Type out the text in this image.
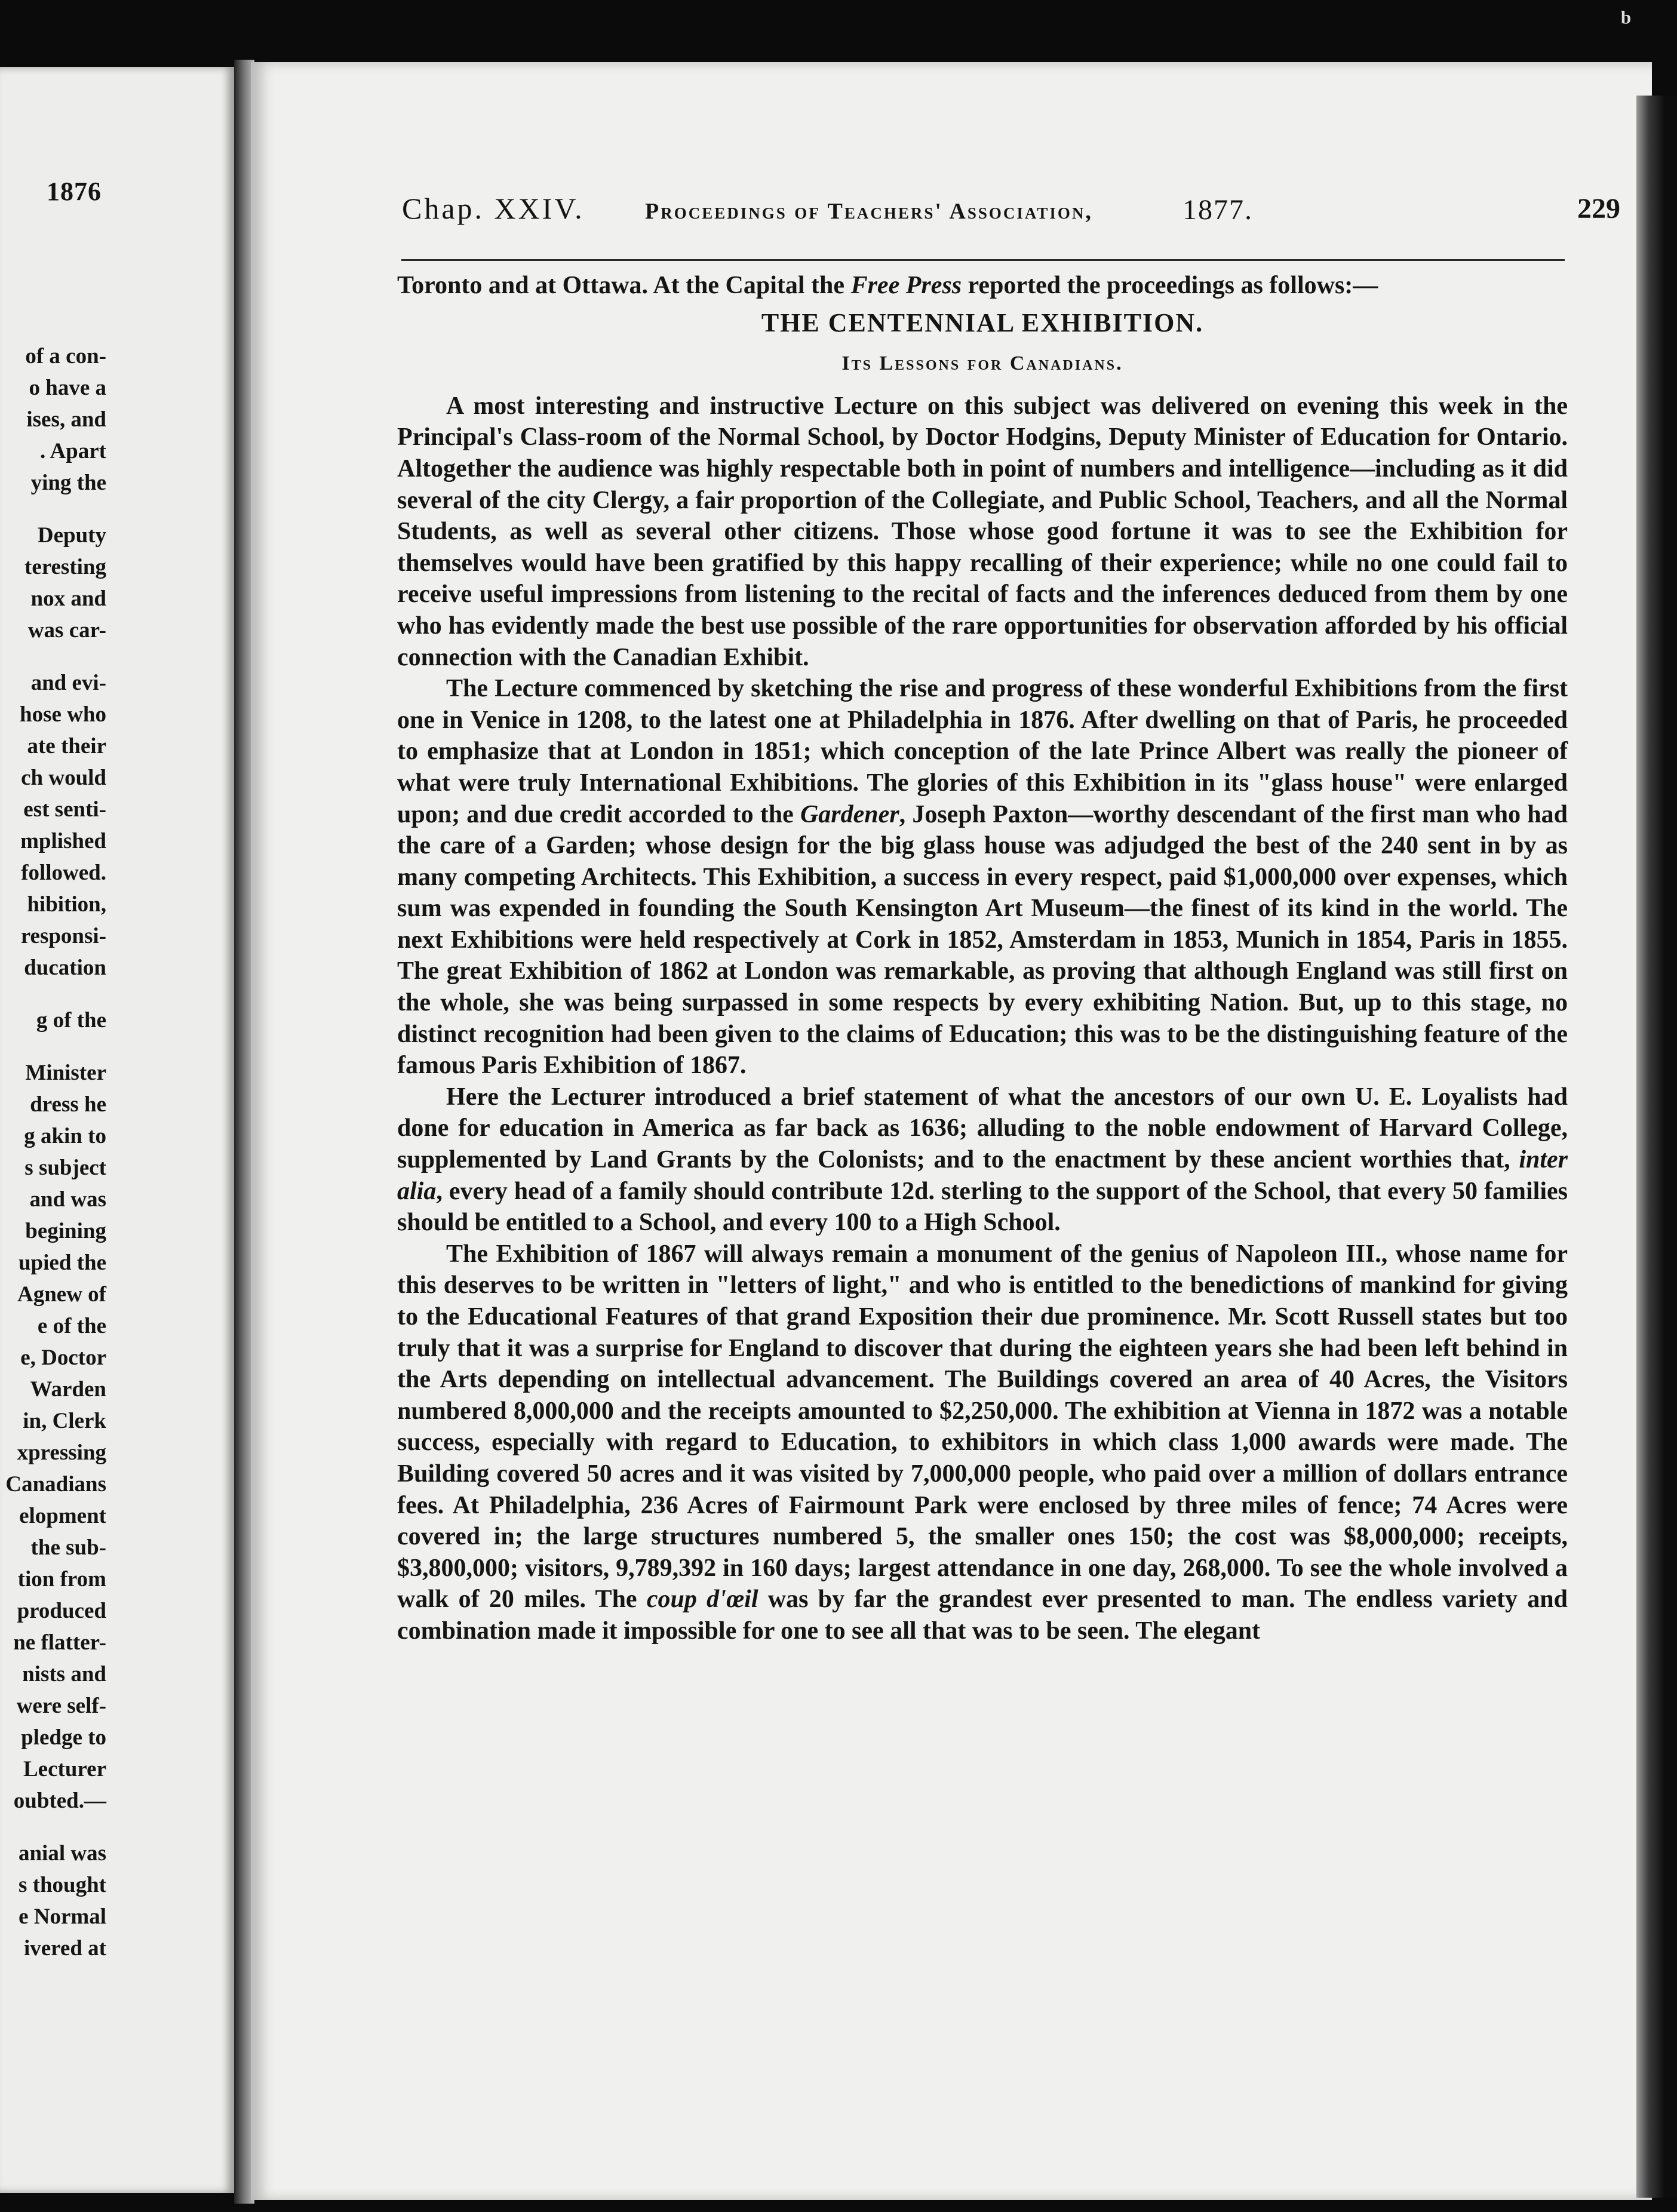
1876
of a con-
o have a
ises, and
. Apart
ying the
Deputy
teresting
nox and
was car-
and evi-
hose who
ate their
ch would
est senti-
mplished
followed.
hibition,
responsi-
ducation
g of the
Minister
dress he
g akin to
s subject
and was
begining
upied the
Agnew of
e of the
e, Doctor
Warden
in, Clerk
xpressing
Canadians
elopment
the sub-
tion from
produced
ne flatter-
nists and
were self-
pledge to
Lecturer
oubted.—
anial was
s thought
e Normal
ivered at
Chap. XXIV.	Proceedings of Teachers' Association,	1877.	229

Toronto and at Ottawa. At the Capital the Free Press reported the proceedings as follows:—

THE CENTENNIAL EXHIBITION.

Its Lessons for Canadians.

A most interesting and instructive Lecture on this subject was delivered on evening this week in the Principal's Class-room of the Normal School, by Doctor Hodgins, Deputy Minister of Education for Ontario. Altogether the audience was highly respectable both in point of numbers and intelligence—including as it did several of the city Clergy, a fair proportion of the Collegiate, and Public School, Teachers, and all the Normal Students, as well as several other citizens. Those whose good fortune it was to see the Exhibition for themselves would have been gratified by this happy recalling of their experience; while no one could fail to receive useful impressions from listening to the recital of facts and the inferences deduced from them by one who has evidently made the best use possible of the rare opportunities for observation afforded by his official connection with the Canadian Exhibit.

The Lecture commenced by sketching the rise and progress of these wonderful Exhibitions from the first one in Venice in 1208, to the latest one at Philadelphia in 1876. After dwelling on that of Paris, he proceeded to emphasize that at London in 1851; which conception of the late Prince Albert was really the pioneer of what were truly International Exhibitions. The glories of this Exhibition in its "glass house" were enlarged upon; and due credit accorded to the Gardener, Joseph Paxton—worthy descendant of the first man who had the care of a Garden; whose design for the big glass house was adjudged the best of the 240 sent in by as many competing Architects. This Exhibition, a success in every respect, paid $1,000,000 over expenses, which sum was expended in founding the South Kensington Art Museum—the finest of its kind in the world. The next Exhibitions were held respectively at Cork in 1852, Amsterdam in 1853, Munich in 1854, Paris in 1855. The great Exhibition of 1862 at London was remarkable, as proving that although England was still first on the whole, she was being surpassed in some respects by every exhibiting Nation. But, up to this stage, no distinct recognition had been given to the claims of Education; this was to be the distinguishing feature of the famous Paris Exhibition of 1867.

Here the Lecturer introduced a brief statement of what the ancestors of our own U. E. Loyalists had done for education in America as far back as 1636; alluding to the noble endowment of Harvard College, supplemented by Land Grants by the Colonists; and to the enactment by these ancient worthies that, inter alia, every head of a family should contribute 12d. sterling to the support of the School, that every 50 families should be entitled to a School, and every 100 to a High School.

The Exhibition of 1867 will always remain a monument of the genius of Napoleon III., whose name for this deserves to be written in "letters of light," and who is entitled to the benedictions of mankind for giving to the Educational Features of that grand Exposition their due prominence. Mr. Scott Russell states but too truly that it was a surprise for England to discover that during the eighteen years she had been left behind in the Arts depending on intellectual advancement. The Buildings covered an area of 40 Acres, the Visitors numbered 8,000,000 and the receipts amounted to $2,250,000. The exhibition at Vienna in 1872 was a notable success, especially with regard to Education, to exhibitors in which class 1,000 awards were made. The Building covered 50 acres and it was visited by 7,000,000 people, who paid over a million of dollars entrance fees. At Philadelphia, 236 Acres of Fairmount Park were enclosed by three miles of fence; 74 Acres were covered in; the large structures numbered 5, the smaller ones 150; the cost was $8,000,000; receipts, $3,800,000; visitors, 9,789,392 in 160 days; largest attendance in one day, 268,000. To see the whole involved a walk of 20 miles. The coup d'œil was by far the grandest ever presented to man. The endless variety and combination made it impossible for one to see all that was to be seen. The elegant

ᵇ
